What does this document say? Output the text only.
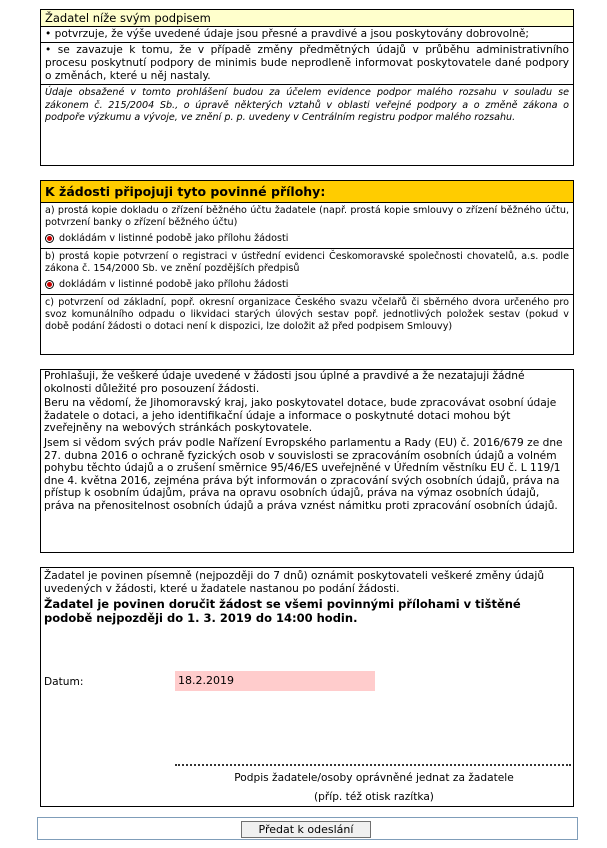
Žadatel níže svým podpisem
• potvrzuje, že výše uvedené údaje jsou přesné a pravdivé a jsou poskytovány dobrovolně;
• se zavazuje k tomu, že v případě změny předmětných údajů v průběhu administrativního procesu poskytnutí podpory de minimis bude neprodleně informovat poskytovatele dané podpory o změnách, které u něj nastaly.
Údaje obsažené v tomto prohlášení budou za účelem evidence podpor malého rozsahu v souladu se zákonem č. 215/2004 Sb., o úpravě některých vztahů v oblasti veřejné podpory a o změně zákona o podpoře výzkumu a vývoje, ve znění p. p. uvedeny v Centrálním registru podpor malého rozsahu.
K žádosti připojuji tyto povinné přílohy:
a) prostá kopie dokladu o zřízení běžného účtu žadatele (např. prostá kopie smlouvy o zřízení běžného účtu, potvrzení banky o zřízení běžného účtu)
dokládám v listinné podobě jako přílohu žádosti
b) prostá kopie potvrzení o registraci v ústřední evidenci Českomoravské společnosti chovatelů, a.s. podle zákona č. 154/2000 Sb. ve znění pozdějších předpisů
dokládám v listinné podobě jako přílohu žádosti
c) potvrzení od základní, popř. okresní organizace Českého svazu včelařů či sběrného dvora určeného pro svoz komunálního odpadu o likvidaci starých úlových sestav popř. jednotlivých položek sestav (pokud v době podání žádosti o dotaci není k dispozici, lze doložit až před podpisem Smlouvy)

Prohlašuji, že veškeré údaje uvedené v žádosti jsou úplné a pravdivé a že nezatajuji žádné okolnosti důležité pro posouzení žádosti.

Beru na vědomí, že Jihomoravský kraj, jako poskytovatel dotace, bude zpracovávat osobní údaje žadatele o dotaci, a jeho identifikační údaje a informace o poskytnuté dotaci mohou být zveřejněny na webových stránkách poskytovatele.

Jsem si vědom svých práv podle Nařízení Evropského parlamentu a Rady (EU) č. 2016/679 ze dne 27. dubna 2016 o ochraně fyzických osob v souvislosti se zpracováním osobních údajů a volném pohybu těchto údajů a o zrušení směrnice 95/46/ES uveřejněné v Úředním věstníku EU č. L 119/1 dne 4. května 2016, zejména práva být informován o zpracování svých osobních údajů, práva na přístup k osobním údajům, práva na opravu osobních údajů, práva na výmaz osobních údajů, práva na přenositelnost osobních údajů a práva vznést námitku proti zpracování osobních údajů.

Žadatel je povinen písemně (nejpozději do 7 dnů) oznámit poskytovateli veškeré změny údajů uvedených v žádosti, které u žadatele nastanou po podání žádosti.
Žadatel je povinen doručit žádost se všemi povinnými přílohami v tištěné podobě nejpozději do 1. 3. 2019 do 14:00 hodin.
Datum:	18.2.2019
Podpis žadatele/osoby oprávněné jednat za žadatele
(příp. též otisk razítka)
Předat k odeslání
